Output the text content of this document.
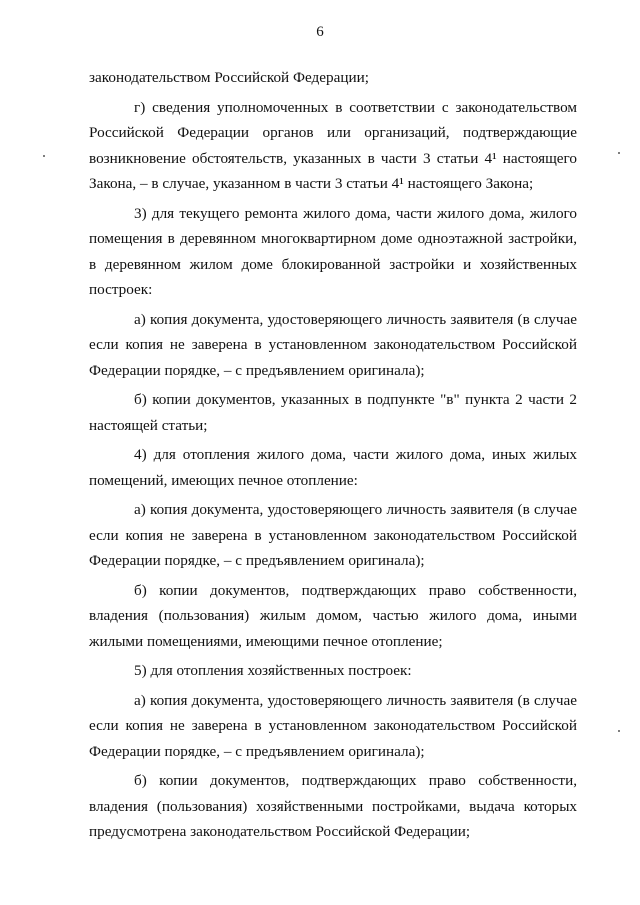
6

законодательством Российской Федерации;

г) сведения уполномоченных в соответствии с законодательством Российской Федерации органов или организаций, подтверждающие возникновение обстоятельств, указанных в части 3 статьи 4¹ настоящего Закона, – в случае, указанном в части 3 статьи 4¹ настоящего Закона;

3) для текущего ремонта жилого дома, части жилого дома, жилого помещения в деревянном многоквартирном доме одноэтажной застройки, в деревянном жилом доме блокированной застройки и хозяйственных построек:

а) копия документа, удостоверяющего личность заявителя (в случае если копия не заверена в установленном законодательством Российской Федерации порядке, – с предъявлением оригинала);

б) копии документов, указанных в подпункте "в" пункта 2 части 2 настоящей статьи;

4) для отопления жилого дома, части жилого дома, иных жилых помещений, имеющих печное отопление:

а) копия документа, удостоверяющего личность заявителя (в случае если копия не заверена в установленном законодательством Российской Федерации порядке, – с предъявлением оригинала);

б) копии документов, подтверждающих право собственности, владения (пользования) жилым домом, частью жилого дома, иными жилыми помещениями, имеющими печное отопление;

5) для отопления хозяйственных построек:

а) копия документа, удостоверяющего личность заявителя (в случае если копия не заверена в установленном законодательством Российской Федерации порядке, – с предъявлением оригинала);

б) копии документов, подтверждающих право собственности, владения (пользования) хозяйственными постройками, выдача которых предусмотрена законодательством Российской Федерации;
